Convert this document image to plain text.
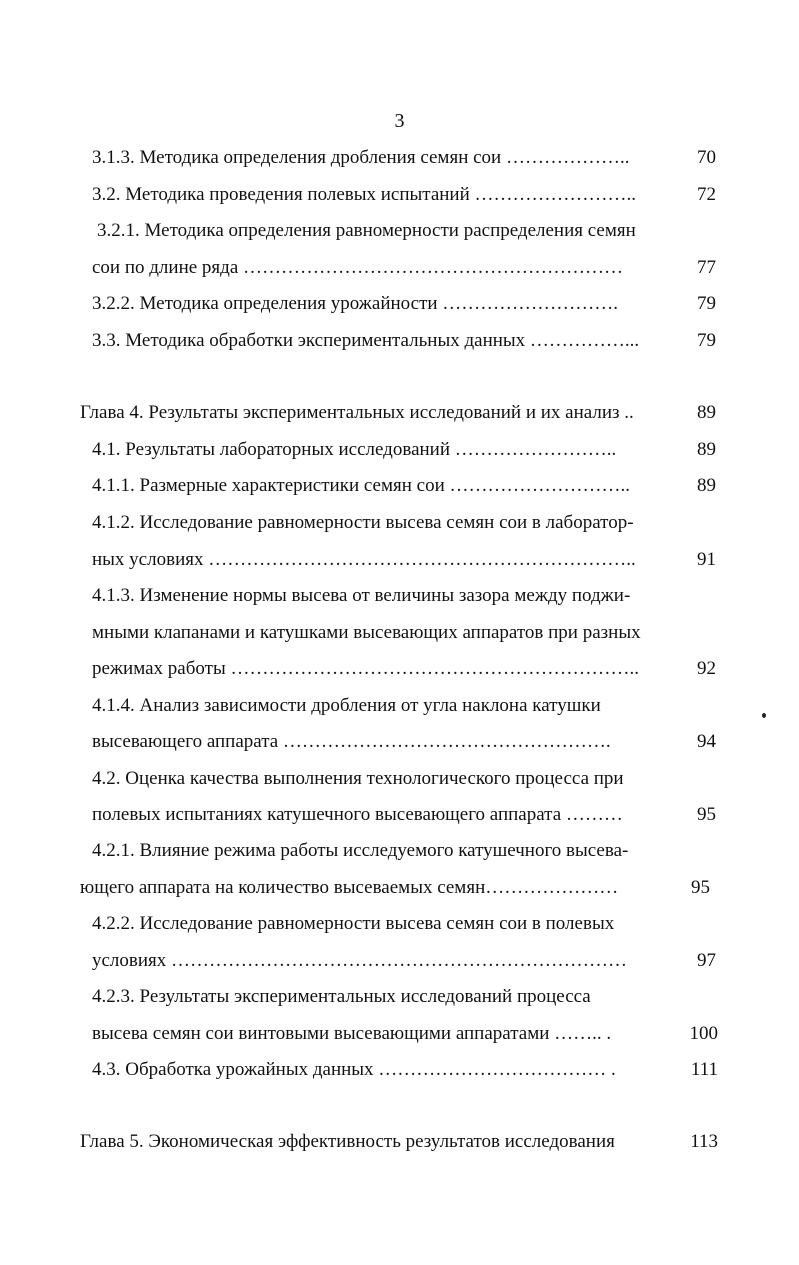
3
3.1.3. Методика определения дробления семян сои ………………..	70
3.2. Методика проведения полевых испытаний ……………………..	72
3.2.1. Методика определения равномерности распределения семян
сои по длине ряда ……………………………………………………	77
3.2.2. Методика определения урожайности ……………………….	79
3.3. Методика обработки экспериментальных данных ……………...	79
Глава 4. Результаты экспериментальных исследований и их анализ ..	89
4.1. Результаты лабораторных исследований ……………………..	89
4.1.1. Размерные характеристики семян сои ………………………..	89
4.1.2. Исследование равномерности высева семян сои в лаборатор-
ных условиях …………………………………………………………..	91
4.1.3. Изменение нормы высева от величины зазора между поджи-
мными клапанами и катушками высевающих аппаратов при разных
режимах работы ………………………………………………………..	92
4.1.4. Анализ зависимости дробления от угла наклона катушки
высевающего аппарата …………………………………………….	94
4.2. Оценка качества выполнения технологического процесса при
полевых испытаниях катушечного высевающего аппарата ………	95
4.2.1. Влияние режима работы исследуемого катушечного высева-
ющего аппарата на количество высеваемых семян…………………	95
4.2.2. Исследование равномерности высева семян сои в полевых
условиях ………………………………………………………………	97
4.2.3. Результаты экспериментальных исследований процесса
высева семян сои винтовыми высевающими аппаратами …….. .	100
4.3. Обработка урожайных данных ……………………………… .	111
Глава 5. Экономическая эффективность результатов исследования	113
